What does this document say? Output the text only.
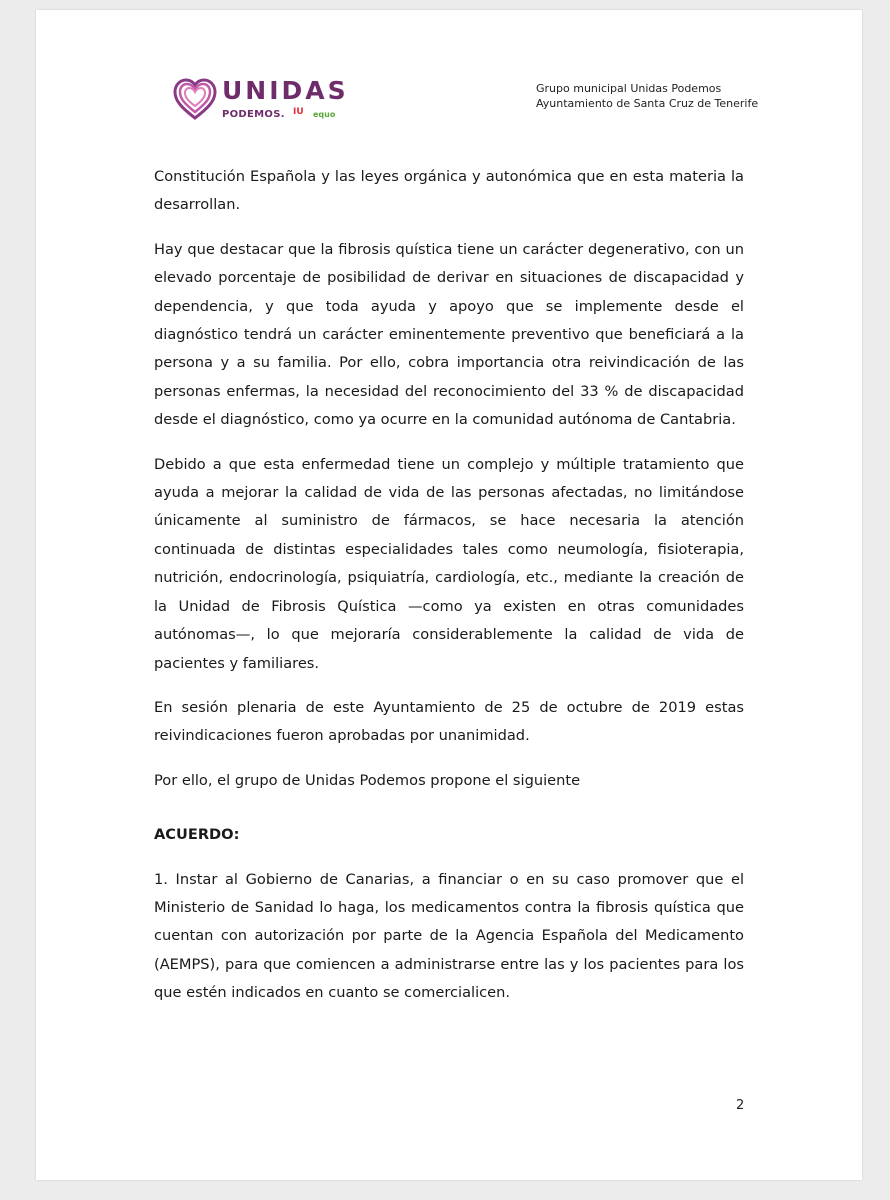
UNIDAS
PODEMOS. IU equo
Grupo municipal Unidas Podemos
Ayuntamiento de Santa Cruz de Tenerife

Constitución Española y las leyes orgánica y autonómica que en esta materia la desarrollan.

Hay que destacar que la fibrosis quística tiene un carácter degenerativo, con un elevado porcentaje de posibilidad de derivar en situaciones de discapacidad y dependencia, y que toda ayuda y apoyo que se implemente desde el diagnóstico tendrá un carácter eminentemente preventivo que beneficiará a la persona y a su familia. Por ello, cobra importancia otra reivindicación de las personas enfermas, la necesidad del reconocimiento del 33 % de discapacidad desde el diagnóstico, como ya ocurre en la comunidad autónoma de Cantabria.

Debido a que esta enfermedad tiene un complejo y múltiple tratamiento que ayuda a mejorar la calidad de vida de las personas afectadas, no limitándose únicamente al suministro de fármacos, se hace necesaria la atención continuada de distintas especialidades tales como neumología, fisioterapia, nutrición, endocrinología, psiquiatría, cardiología, etc., mediante la creación de la Unidad de Fibrosis Quística —como ya existen en otras comunidades autónomas—, lo que mejoraría considerablemente la calidad de vida de pacientes y familiares.

En sesión plenaria de este Ayuntamiento de 25 de octubre de 2019 estas reivindicaciones fueron aprobadas por unanimidad.

Por ello, el grupo de Unidas Podemos propone el siguiente

ACUERDO:

1. Instar al Gobierno de Canarias, a financiar o en su caso promover que el Ministerio de Sanidad lo haga, los medicamentos contra la fibrosis quística que cuentan con autorización por parte de la Agencia Española del Medicamento (AEMPS), para que comiencen a administrarse entre las y los pacientes para los que estén indicados en cuanto se comercialicen.

2
